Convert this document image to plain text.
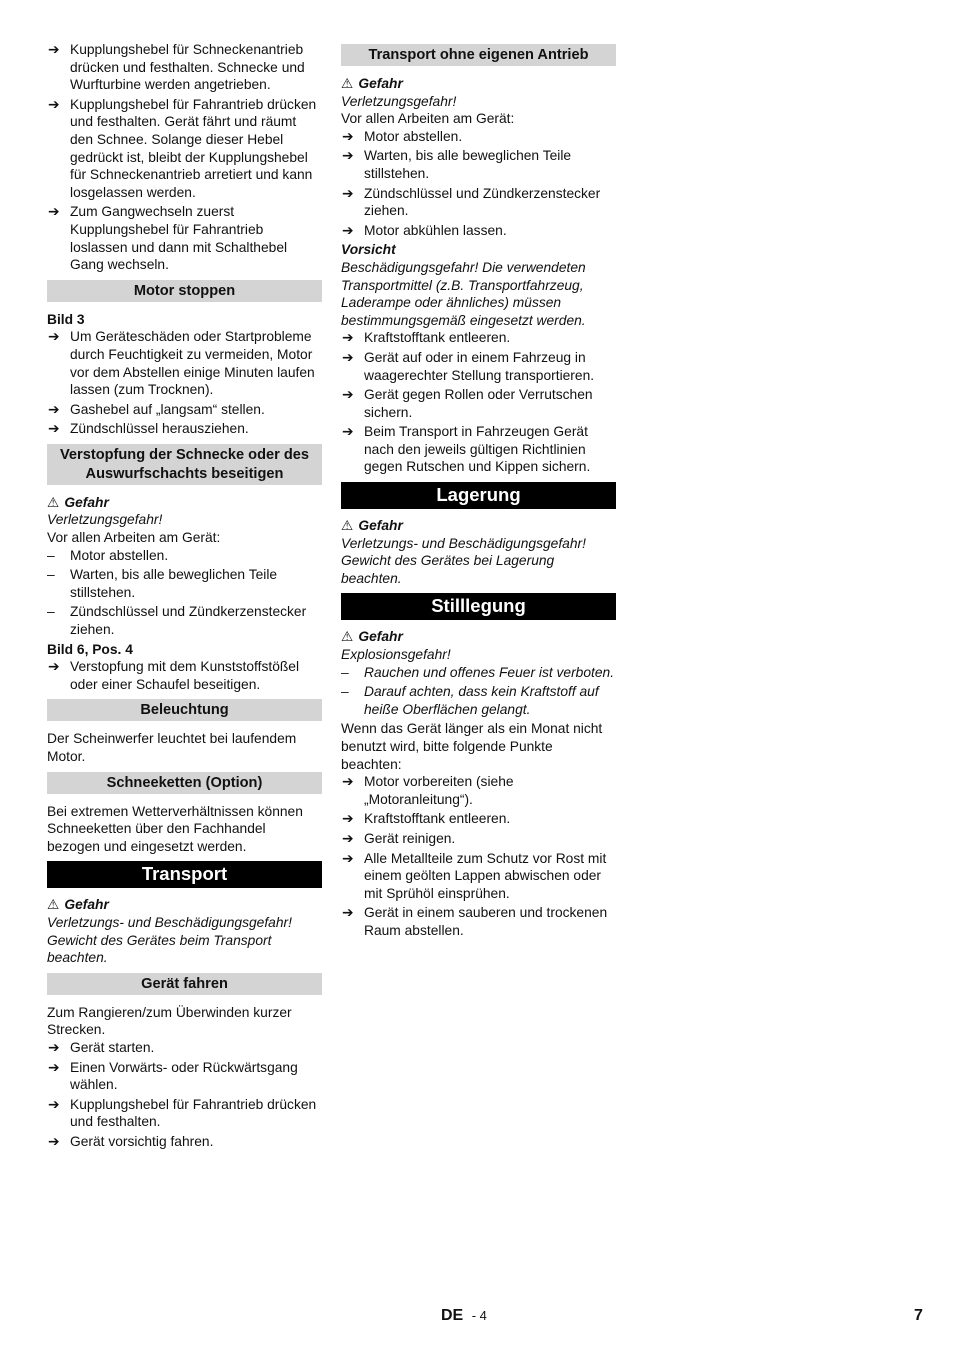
➔ Kupplungshebel für Schneckenantrieb drücken und festhalten. Schnecke und Wurfturbine werden angetrieben.
➔ Kupplungshebel für Fahrantrieb drücken und festhalten. Gerät fährt und räumt den Schnee. Solange dieser Hebel gedrückt ist, bleibt der Kupplungshebel für Schneckenantrieb arretiert und kann losgelassen werden.
➔ Zum Gangwechseln zuerst Kupplungshebel für Fahrantrieb loslassen und dann mit Schalthebel Gang wechseln.
Motor stoppen
Bild 3
➔ Um Geräteschäden oder Startprobleme durch Feuchtigkeit zu vermeiden, Motor vor dem Abstellen einige Minuten laufen lassen (zum Trocknen).
➔ Gashebel auf „langsam“ stellen.
➔ Zündschlüssel herausziehen.
Verstopfung der Schnecke oder des Auswurfschachts beseitigen
⚠ Gefahr
Verletzungsgefahr!
Vor allen Arbeiten am Gerät:
– Motor abstellen.
– Warten, bis alle beweglichen Teile stillstehen.
– Zündschlüssel und Zündkerzenstecker ziehen.
Bild 6, Pos. 4
➔ Verstopfung mit dem Kunststoffstößel oder einer Schaufel beseitigen.
Beleuchtung
Der Scheinwerfer leuchtet bei laufendem Motor.
Schneeketten (Option)
Bei extremen Wetterverhältnissen können Schneeketten über den Fachhandel bezogen und eingesetzt werden.
Transport
⚠ Gefahr
Verletzungs- und Beschädigungsgefahr! Gewicht des Gerätes beim Transport beachten.
Gerät fahren
Zum Rangieren/zum Überwinden kurzer Strecken.
➔ Gerät starten.
➔ Einen Vorwärts- oder Rückwärtsgang wählen.
➔ Kupplungshebel für Fahrantrieb drücken und festhalten.
➔ Gerät vorsichtig fahren.
Transport ohne eigenen Antrieb
⚠ Gefahr
Verletzungsgefahr!
Vor allen Arbeiten am Gerät:
➔ Motor abstellen.
➔ Warten, bis alle beweglichen Teile stillstehen.
➔ Zündschlüssel und Zündkerzenstecker ziehen.
➔ Motor abkühlen lassen.
Vorsicht
Beschädigungsgefahr! Die verwendeten Transportmittel (z.B. Transportfahrzeug, Laderampe oder ähnliches) müssen bestimmungsgemäß eingesetzt werden.
➔ Kraftstofftank entleeren.
➔ Gerät auf oder in einem Fahrzeug in waagerechter Stellung transportieren.
➔ Gerät gegen Rollen oder Verrutschen sichern.
➔ Beim Transport in Fahrzeugen Gerät nach den jeweils gültigen Richtlinien gegen Rutschen und Kippen sichern.
Lagerung
⚠ Gefahr
Verletzungs- und Beschädigungsgefahr! Gewicht des Gerätes bei Lagerung beachten.
Stilllegung
⚠ Gefahr
Explosionsgefahr!
– Rauchen und offenes Feuer ist verboten.
– Darauf achten, dass kein Kraftstoff auf heiße Oberflächen gelangt.
Wenn das Gerät länger als ein Monat nicht benutzt wird, bitte folgende Punkte beachten:
➔ Motor vorbereiten (siehe „Motoranleitung“).
➔ Kraftstofftank entleeren.
➔ Gerät reinigen.
➔ Alle Metallteile zum Schutz vor Rost mit einem geölten Lappen abwischen oder mit Sprühöl einsprühen.
➔ Gerät in einem sauberen und trockenen Raum abstellen.
DE - 4	7
